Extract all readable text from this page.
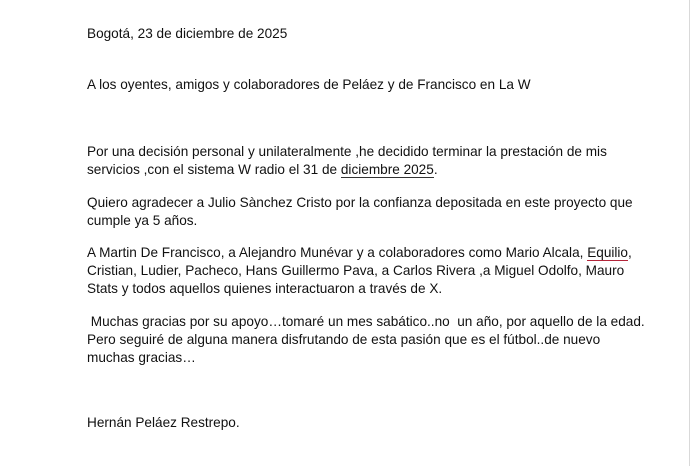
Bogotá, 23 de diciembre de 2025
A los oyentes, amigos y colaboradores de Peláez y de Francisco en La W
Por una decisión personal y unilateralmente ,he decidido terminar la prestación de mis
servicios ,con el sistema W radio el 31 de diciembre 2025.
Quiero agradecer a Julio Sànchez Cristo por la confianza depositada en este proyecto que
cumple ya 5 años.
A Martin De Francisco, a Alejandro Munévar y a colaboradores como Mario Alcala, Equilio,
Cristian, Ludier, Pacheco, Hans Guillermo Pava, a Carlos Rivera ,a Miguel Odolfo, Mauro
Stats y todos aquellos quienes interactuaron a través de X.
Muchas gracias por su apoyo…tomaré un mes sabático..no  un año, por aquello de la edad.
Pero seguiré de alguna manera disfrutando de esta pasión que es el fútbol..de nuevo
muchas gracias…
Hernán Peláez Restrepo.
